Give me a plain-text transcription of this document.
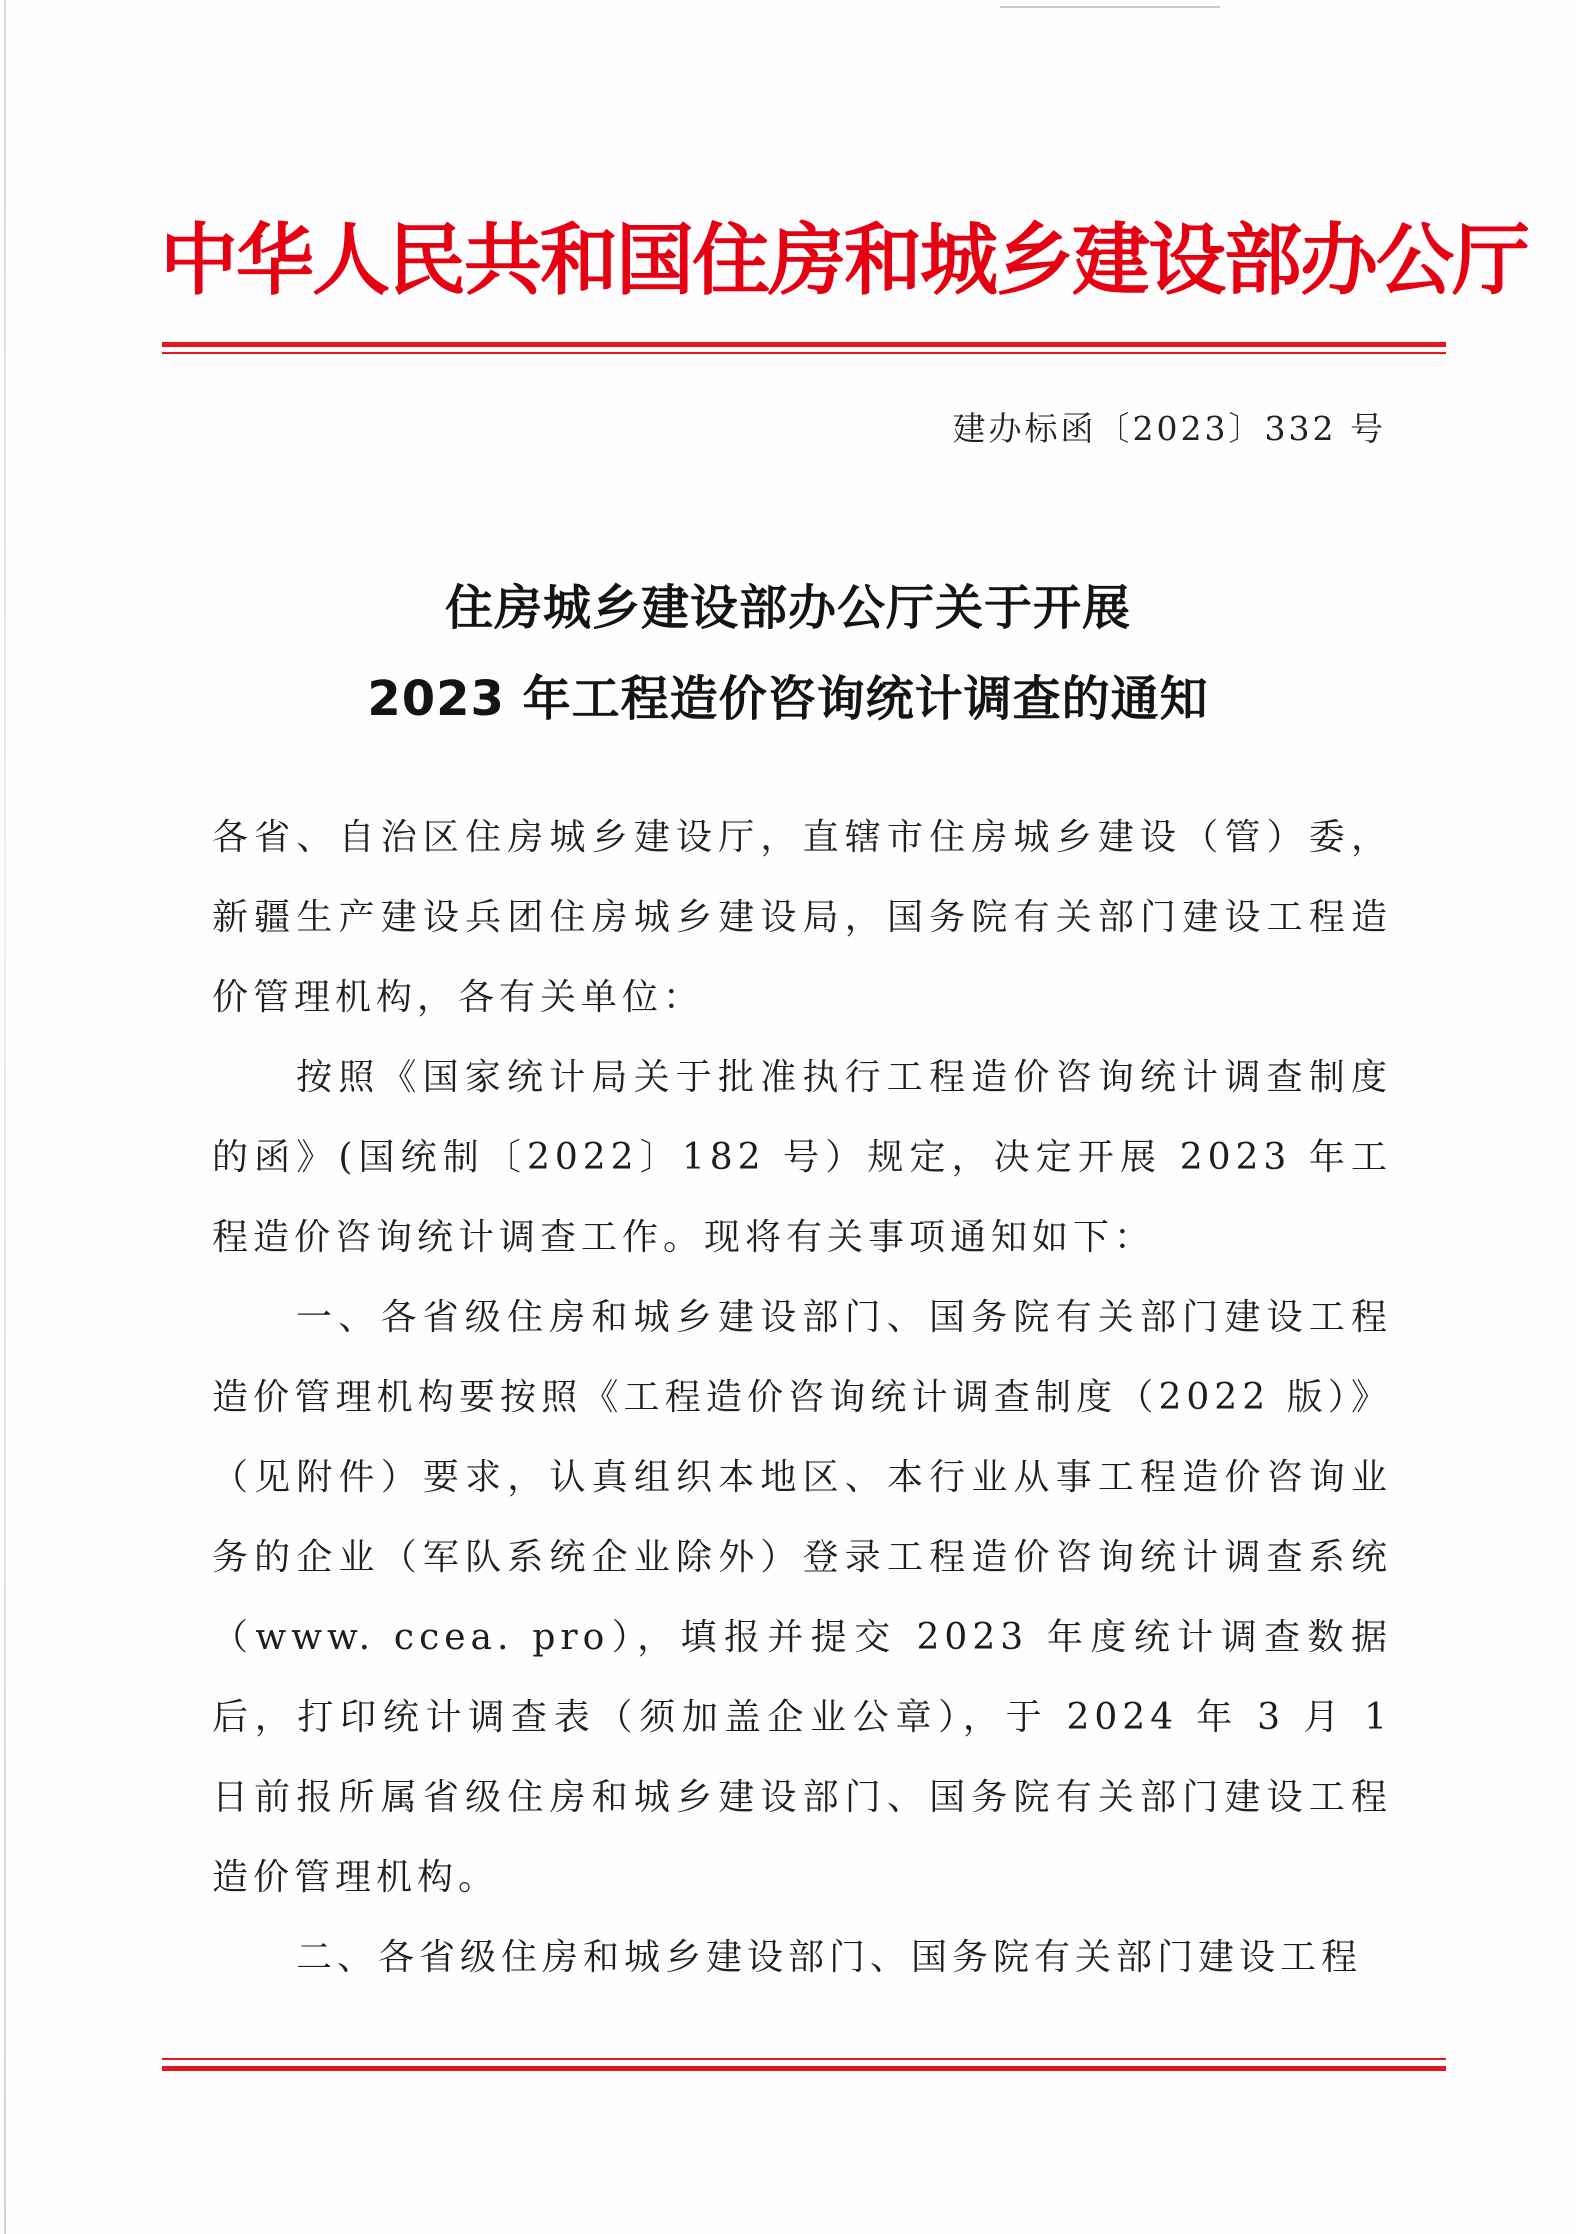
中华人民共和国住房和城乡建设部办公厅
建办标函〔2023〕332 号
住房城乡建设部办公厅关于开展
2023 年工程造价咨询统计调查的通知

各省、自治区住房城乡建设厅，直辖市住房城乡建设（管）委，新疆生产建设兵团住房城乡建设局，国务院有关部门建设工程造价管理机构，各有关单位：

按照《国家统计局关于批准执行工程造价咨询统计调查制度的函》(国统制〔2022〕182 号）规定，决定开展 2023 年工程造价咨询统计调查工作。现将有关事项通知如下：

一、各省级住房和城乡建设部门、国务院有关部门建设工程造价管理机构要按照《工程造价咨询统计调查制度（2022 版）》（见附件）要求，认真组织本地区、本行业从事工程造价咨询业务的企业（军队系统企业除外）登录工程造价咨询统计调查系统（www. ccea. pro），填报并提交 2023 年度统计调查数据后，打印统计调查表（须加盖企业公章），于 2024 年 3 月 1 日前报所属省级住房和城乡建设部门、国务院有关部门建设工程造价管理机构。

二、各省级住房和城乡建设部门、国务院有关部门建设工程
